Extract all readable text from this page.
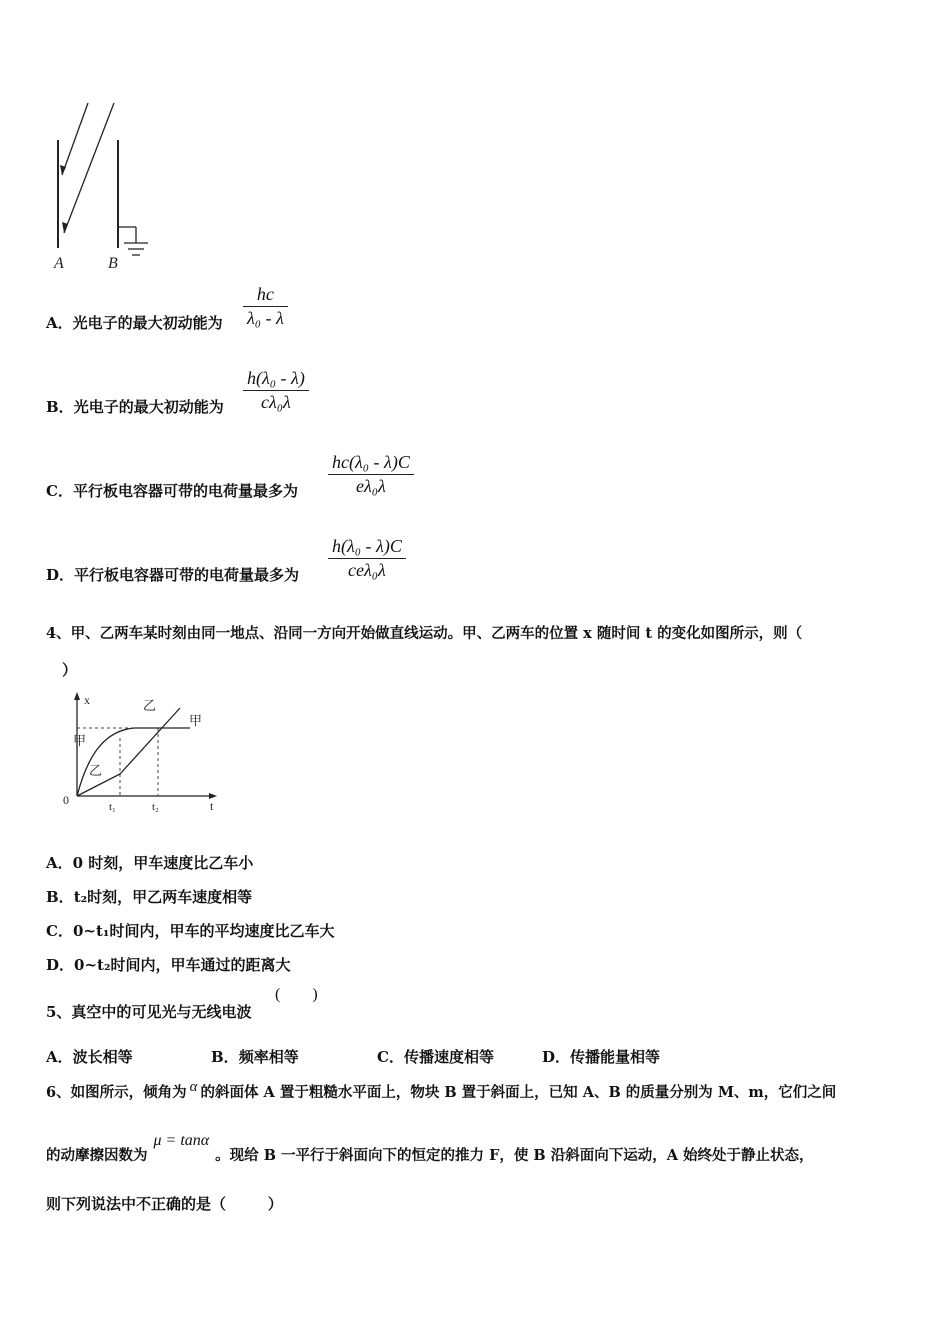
A	B
A．光电子的最大初动能为
hc
λ₀ - λ
B．光电子的最大初动能为
h(λ₀ - λ)
cλ₀λ
C．平行板电容器可带的电荷量最多为
hc(λ₀ - λ)C
eλ₀λ
D．平行板电容器可带的电荷量最多为
h(λ₀ - λ)C
ceλ₀λ
4、甲、乙两车某时刻由同一地点、沿同一方向开始做直线运动。甲、乙两车的位置 x 随时间 t 的变化如图所示，则（
）
x
t
0	t₁	t₂
甲
乙
甲
乙
A．0 时刻，甲车速度比乙车小
B．t₂时刻，甲乙两车速度相等
C．0~t₁时间内，甲车的平均速度比乙车大
D．0~t₂时间内，甲车通过的距离大
5、真空中的可见光与无线电波
(        )
A．波长相等	B．频率相等	C．传播速度相等	D．传播能量相等
6、如图所示，倾角为 α 的斜面体 A 置于粗糙水平面上，物块 B 置于斜面上，已知 A、B 的质量分别为 M、m，它们之间
的动摩擦因数为μ = tanα。现给 B 一平行于斜面向下的恒定的推力 F，使 B 沿斜面向下运动，A 始终处于静止状态，
则下列说法中不正确的是（        ）
